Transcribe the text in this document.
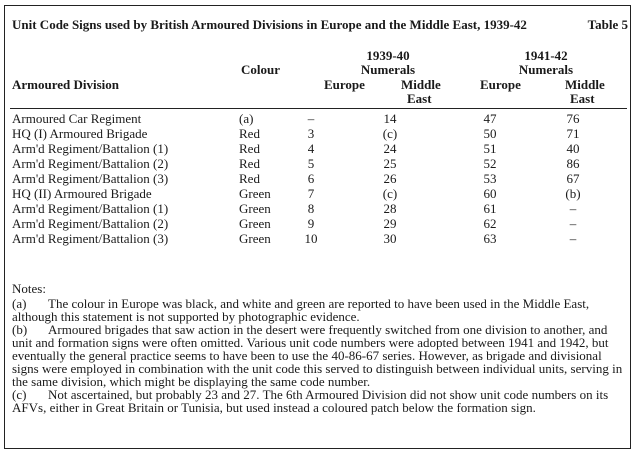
Unit Code Signs used by British Armoured Divisions in Europe and the Middle East, 1939-42	Table 5
1939-40
Numerals
1941-42
Numerals
Colour
Armoured Division	Europe	Middle
East
Europe	Middle
East
Armoured Car Regiment	(a)	–	14	47	76
HQ (I) Armoured Brigade	Red	3	(c)	50	71
Arm'd Regiment/Battalion (1)	Red	4	24	51	40
Arm'd Regiment/Battalion (2)	Red	5	25	52	86
Arm'd Regiment/Battalion (3)	Red	6	26	53	67
HQ (II) Armoured Brigade	Green	7	(c)	60	(b)
Arm'd Regiment/Battalion (1)	Green	8	28	61	–
Arm'd Regiment/Battalion (2)	Green	9	29	62	–
Arm'd Regiment/Battalion (3)	Green	10	30	63	–

Notes:

(a) The colour in Europe was black, and white and green are reported to have been used in the Middle East, although this statement is not supported by photographic evidence.

(b) Armoured brigades that saw action in the desert were frequently switched from one division to another, and unit and formation signs were often omitted. Various unit code numbers were adopted between 1941 and 1942, but eventually the general practice seems to have been to use the 40-86-67 series. However, as brigade and divisional signs were employed in combination with the unit code this served to distinguish between individual units, serving in the same division, which might be displaying the same code number.

(c) Not ascertained, but probably 23 and 27. The 6th Armoured Division did not show unit code numbers on its AFVs, either in Great Britain or Tunisia, but used instead a coloured patch below the formation sign.
